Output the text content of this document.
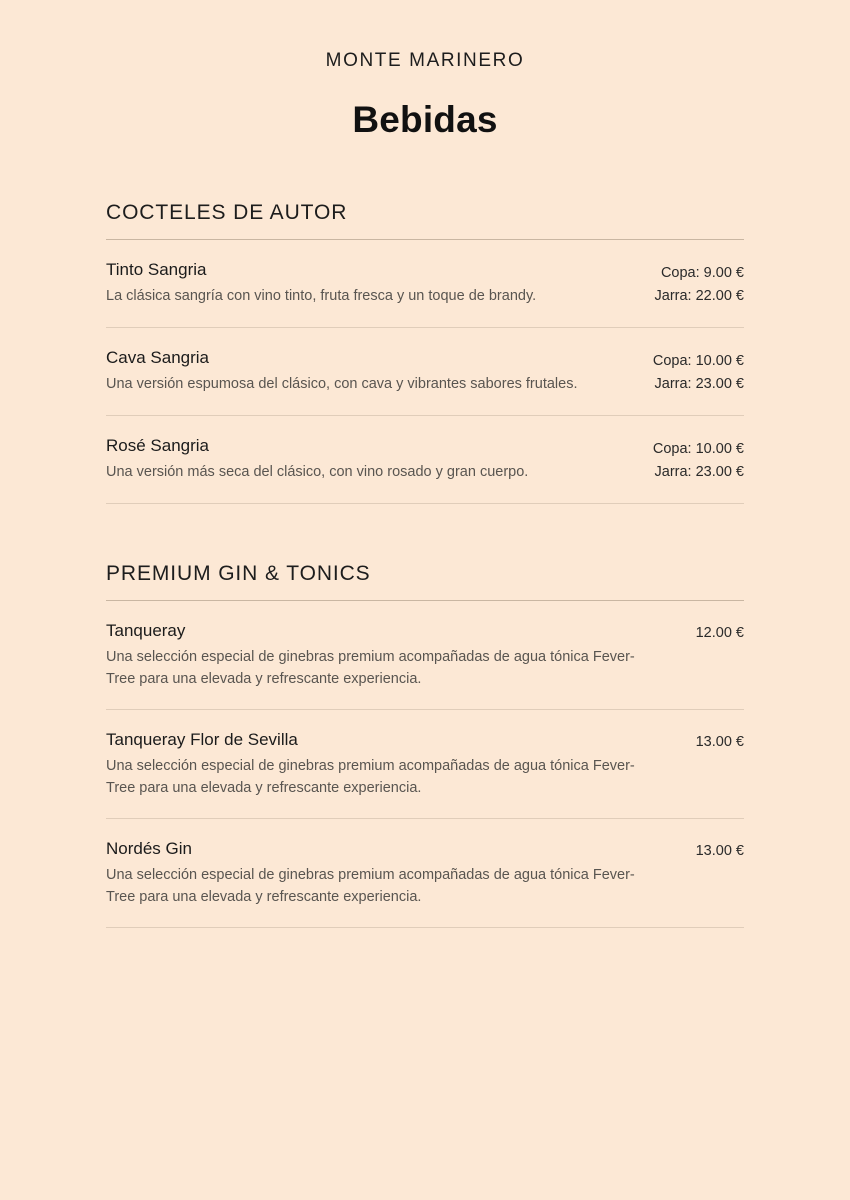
MONTE MARINERO
Bebidas
COCTELES DE AUTOR
Tinto Sangria
La clásica sangría con vino tinto, fruta fresca y un toque de brandy.
Copa: 9.00 €
Jarra: 22.00 €
Cava Sangria
Una versión espumosa del clásico, con cava y vibrantes sabores frutales.
Copa: 10.00 €
Jarra: 23.00 €
Rosé Sangria
Una versión más seca del clásico, con vino rosado y gran cuerpo.
Copa: 10.00 €
Jarra: 23.00 €
PREMIUM GIN & TONICS
Tanqueray
Una selección especial de ginebras premium acompañadas de agua tónica Fever-Tree para una elevada y refrescante experiencia.
12.00 €
Tanqueray Flor de Sevilla
Una selección especial de ginebras premium acompañadas de agua tónica Fever-Tree para una elevada y refrescante experiencia.
13.00 €
Nordés Gin
Una selección especial de ginebras premium acompañadas de agua tónica Fever-Tree para una elevada y refrescante experiencia.
13.00 €
